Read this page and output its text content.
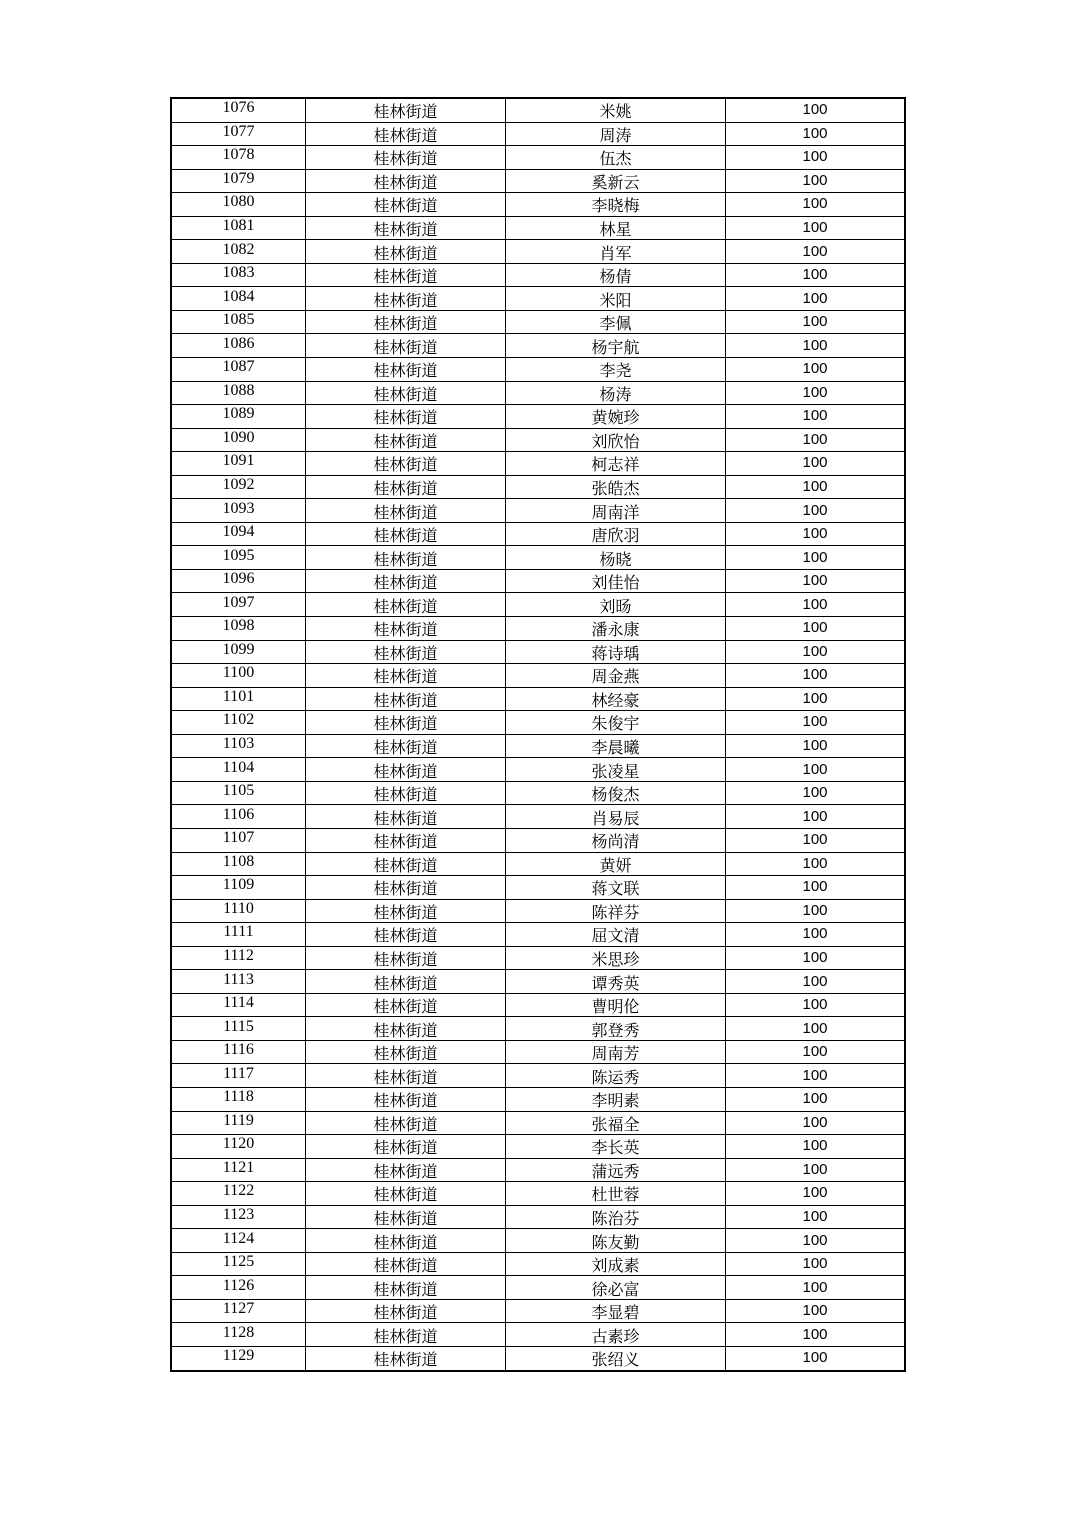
1076	桂林街道	米姚	100
1077	桂林街道	周涛	100
1078	桂林街道	伍杰	100
1079	桂林街道	奚新云	100
1080	桂林街道	李晓梅	100
1081	桂林街道	林星	100
1082	桂林街道	肖军	100
1083	桂林街道	杨倩	100
1084	桂林街道	米阳	100
1085	桂林街道	李佩	100
1086	桂林街道	杨宇航	100
1087	桂林街道	李尧	100
1088	桂林街道	杨涛	100
1089	桂林街道	黄婉珍	100
1090	桂林街道	刘欣怡	100
1091	桂林街道	柯志祥	100
1092	桂林街道	张皓杰	100
1093	桂林街道	周南洋	100
1094	桂林街道	唐欣羽	100
1095	桂林街道	杨晓	100
1096	桂林街道	刘佳怡	100
1097	桂林街道	刘旸	100
1098	桂林街道	潘永康	100
1099	桂林街道	蒋诗瑀	100
1100	桂林街道	周金燕	100
1101	桂林街道	林经豪	100
1102	桂林街道	朱俊宇	100
1103	桂林街道	李晨曦	100
1104	桂林街道	张凌星	100
1105	桂林街道	杨俊杰	100
1106	桂林街道	肖易辰	100
1107	桂林街道	杨尚清	100
1108	桂林街道	黄妍	100
1109	桂林街道	蒋文联	100
1110	桂林街道	陈祥芬	100
1111	桂林街道	屈文清	100
1112	桂林街道	米思珍	100
1113	桂林街道	谭秀英	100
1114	桂林街道	曹明伦	100
1115	桂林街道	郭登秀	100
1116	桂林街道	周南芳	100
1117	桂林街道	陈运秀	100
1118	桂林街道	李明素	100
1119	桂林街道	张福全	100
1120	桂林街道	李长英	100
1121	桂林街道	蒲远秀	100
1122	桂林街道	杜世蓉	100
1123	桂林街道	陈治芬	100
1124	桂林街道	陈友勤	100
1125	桂林街道	刘成素	100
1126	桂林街道	徐必富	100
1127	桂林街道	李显碧	100
1128	桂林街道	古素珍	100
1129	桂林街道	张绍义	100
